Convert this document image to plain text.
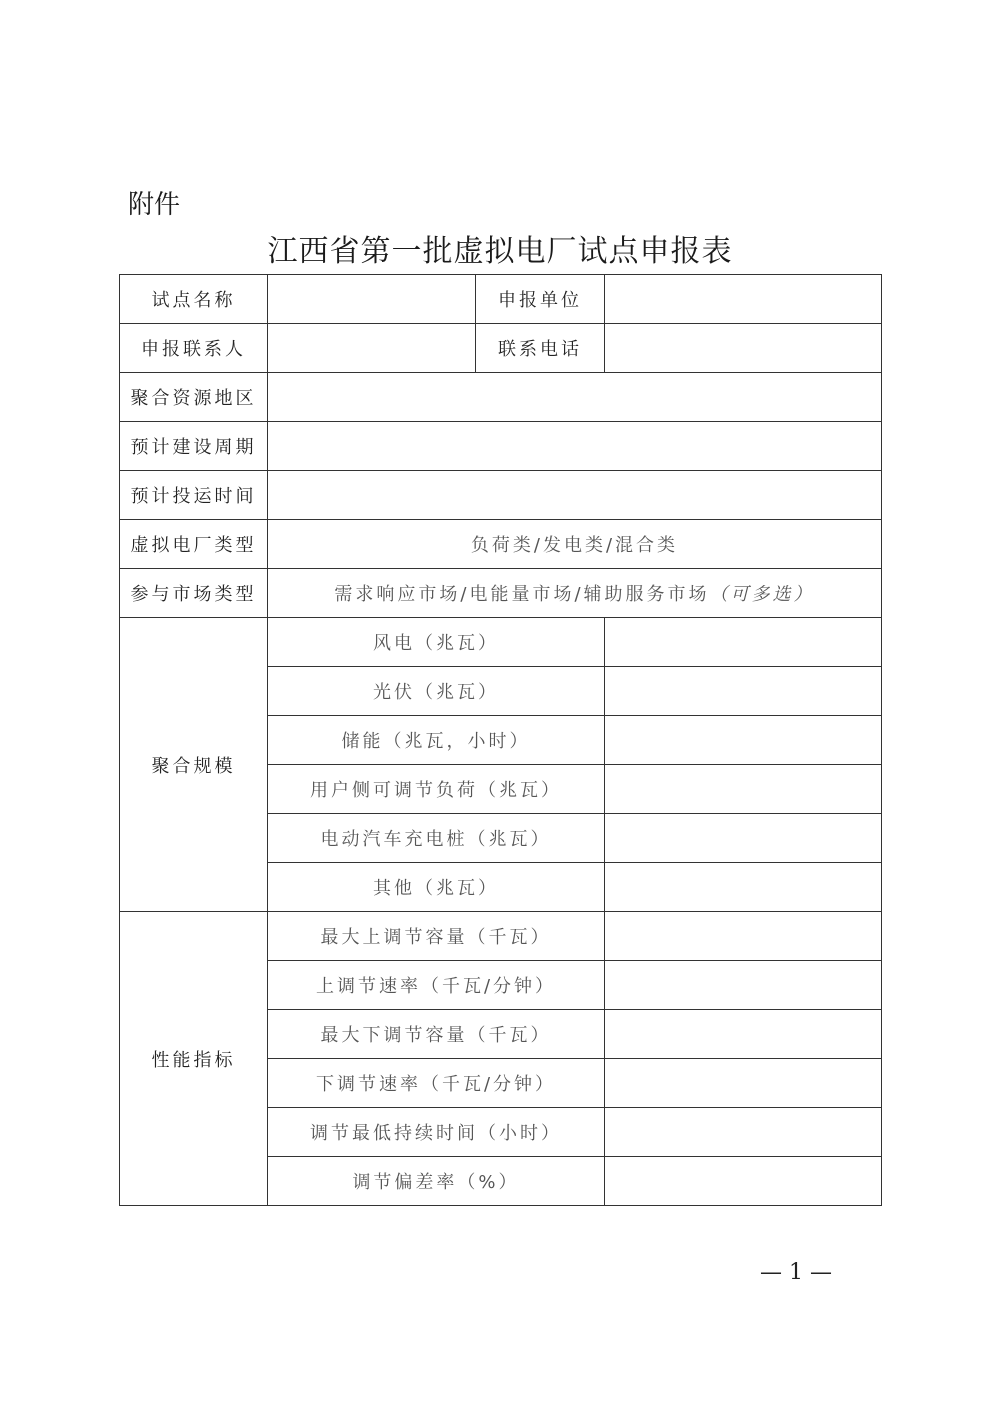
附件
江西省第一批虚拟电厂试点申报表
试点名称		申报单位	
申报联系人		联系电话	
聚合资源地区			
预计建设周期			
预计投运时间			
虚拟电厂类型	负荷类/发电类/混合类		
参与市场类型	需求响应市场/电能量市场/辅助服务市场（可多选）		
聚合规模	风电（兆瓦）		
	光伏（兆瓦）		
	储能（兆瓦，小时）		
	用户侧可调节负荷（兆瓦）		
	电动汽车充电桩（兆瓦）		
	其他（兆瓦）		
性能指标	最大上调节容量（千瓦）		
	上调节速率（千瓦/分钟）		
	最大下调节容量（千瓦）		
	下调节速率（千瓦/分钟）		
	调节最低持续时间（小时）		
	调节偏差率（%）		
— 1 —
